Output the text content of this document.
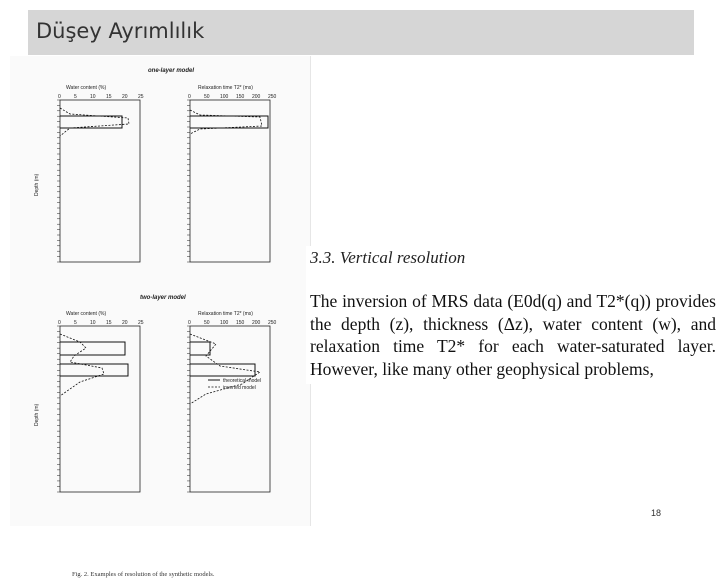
Düşey Ayrımlılık
one-layer model
two-layer model
Water content (%)	Relaxation time T2* (ms)
Water content (%)	Relaxation time T2* (ms)
Depth (m)
Depth (m)
0	5	10 15 20 25	0	50 100 150 200 250
0	5	10 15 20 25	0	50 100 150 200 250
theoretical model
inverted model
Fig. 2. Examples of resolution of the synthetic models.
3.3. Vertical resolution
The inversion of MRS data (E0d(q) and T2*(q)) provides the depth (z), thickness (Δz), water content (w), and relaxation time T2* for each water-saturated layer. However, like many other geophysical problems,
18
